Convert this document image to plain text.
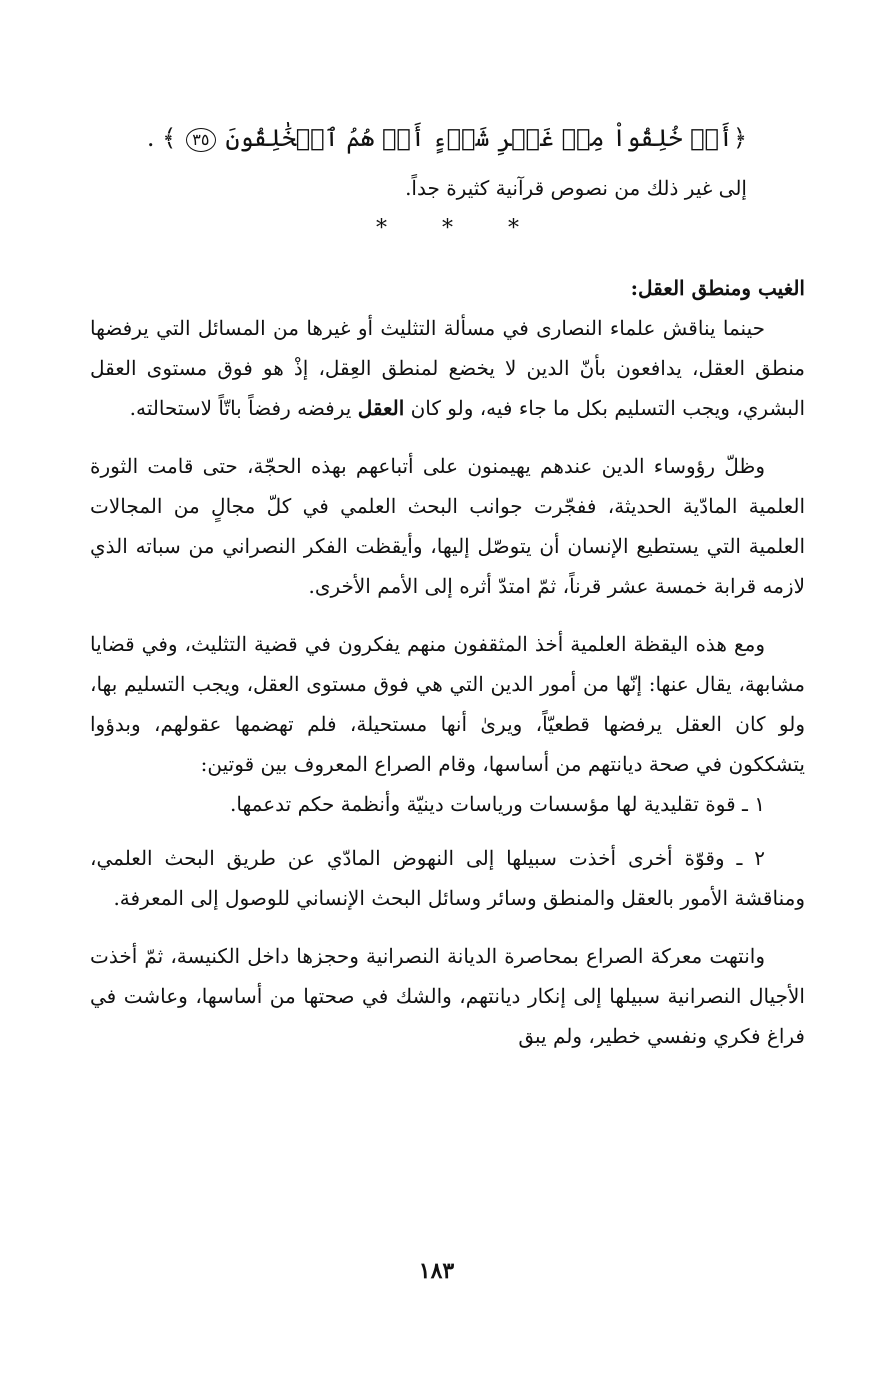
﴿أَمۡ خُلِقُواْ مِنۡ غَيۡرِ شَيۡءٍ أَمۡ هُمُ ٱلۡخَٰلِقُونَ ٣٥ ﴾ .
إلى غير ذلك من نصوص قرآنية كثيرة جداً.
* * *
الغيب ومنطق العقل:

حينما يناقش علماء النصارى في مسألة التثليث أو غيرها من المسائل التي يرفضها منطق العقل، يدافعون بأنّ الدين لا يخضع لمنطق العِقل، إذْ هو فوق مستوى العقل البشري، ويجب التسليم بكل ما جاء فيه، ولو كان العقل يرفضه رفضاً باتّاً لاستحالته.

وظلّ رؤوساء الدين عندهم يهيمنون على أتباعهم بهذه الحجّة، حتى قامت الثورة العلمية المادّية الحديثة، ففجّرت جوانب البحث العلمي في كلّ مجالٍ من المجالات العلمية التي يستطيع الإنسان أن يتوصّل إليها، وأيقظت الفكر النصراني من سباته الذي لازمه قرابة خمسة عشر قرناً، ثمّ امتدّ أثره إلى الأمم الأخرى.

ومع هذه اليقظة العلمية أخذ المثقفون منهم يفكرون في قضية التثليث، وفي قضايا مشابهة، يقال عنها: إنّها من أمور الدين التي هي فوق مستوى العقل، ويجب التسليم بها، ولو كان العقل يرفضها قطعيّاً، ويرىٰ أنها مستحيلة، فلم تهضمها عقولهم، وبدؤوا يتشككون في صحة ديانتهم من أساسها، وقام الصراع المعروف بين قوتين:

١ ـ قوة تقليدية لها مؤسسات ورياسات دينيّة وأنظمة حكم تدعمها.

٢ ـ وقوّة أخرى أخذت سبيلها إلى النهوض المادّي عن طريق البحث العلمي، ومناقشة الأمور بالعقل والمنطق وسائر وسائل البحث الإنساني للوصول إلى المعرفة.

وانتهت معركة الصراع بمحاصرة الديانة النصرانية وحجزها داخل الكنيسة، ثمّ أخذت الأجيال النصرانية سبيلها إلى إنكار ديانتهم، والشك في صحتها من أساسها، وعاشت في فراغ فكري ونفسي خطير، ولم يبق

١٨٣
